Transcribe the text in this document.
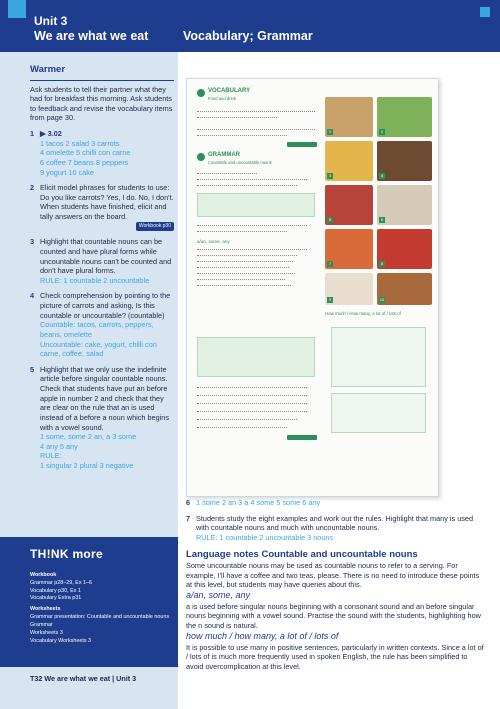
Unit 3
We are what we eat	Vocabulary; Grammar
Warmer
Ask students to tell their partner what they had for breakfast this morning. Ask students to feedback and revise the vocabulary items from page 30.
1 ▶ 3.02
1 tacos 2 salad 3 carrots
4 omelette 5 chilli con carne
6 coffee 7 beans 8 peppers
9 yogurt 10 cake
2 Elicit model phrases for students to use: Do you like carrots? Yes, I do. No, I don't. When students have finished, elicit and tally answers on the board.
Workbook p30
3 Highlight that countable nouns can be counted and have plural forms while uncountable nouns can't be counted and don't have plural forms.
RULE: 1 countable 2 uncountable
4 Check comprehension by pointing to the picture of carrots and asking, Is this countable or uncountable? (countable)
Countable: tacos, carrots, peppers, beans, omelette
Uncountable: cake, yogurt, chilli con carne, coffee, salad
5 Highlight that we only use the indefinite article before singular countable nouns. Check that students have put an before apple in number 2 and check that they are clear on the rule that an is used instead of a before a noun which begins with a vowel sound.
1 some, some 2 an, a 3 some
4 any 5 any
RULE:
1 singular 2 plural 3 negative
TH!NK more
Workbook
Grammar p28–29, Ex 1–6
Vocabulary p30, Ex 1
Vocabulary Extra p31
Worksheets
Grammar presentation: Countable and uncountable nouns
Grammar
Worksheets 3
Vocabulary Worksheets 3
T32 We are what we eat | Unit 3
VOCABULARY
Food and drink
GRAMMAR
Countable and uncountable nouns
a/an, some, any
1	2
3	4
5	6
7	8
9	10
How much / How many, a lot of / lots of
6 1 some 2 an 3 a 4 some 5 some 6 any
7 Students study the eight examples and work out the rules. Highlight that many is used with countable nouns and much with uncountable nouns.
RULE: 1 countable 2 uncountable 3 nouns
Language notes Countable and uncountable nouns
Some uncountable nouns may be used as countable nouns to refer to a serving. For example, I'll have a coffee and two teas, please. There is no need to introduce these points at this level, but students may have queries about this.
a/an, some, any
a is used before singular nouns beginning with a consonant sound and an before singular nouns beginning with a vowel sound. Practise the sound with the students, highlighting how the n sound is natural.
how much / how many, a lot of / lots of
It is possible to use many in positive sentences, particularly in written contexts. Since a lot of / lots of is much more frequently used in spoken English, the rule has been simplified to avoid overcomplication at this level.
